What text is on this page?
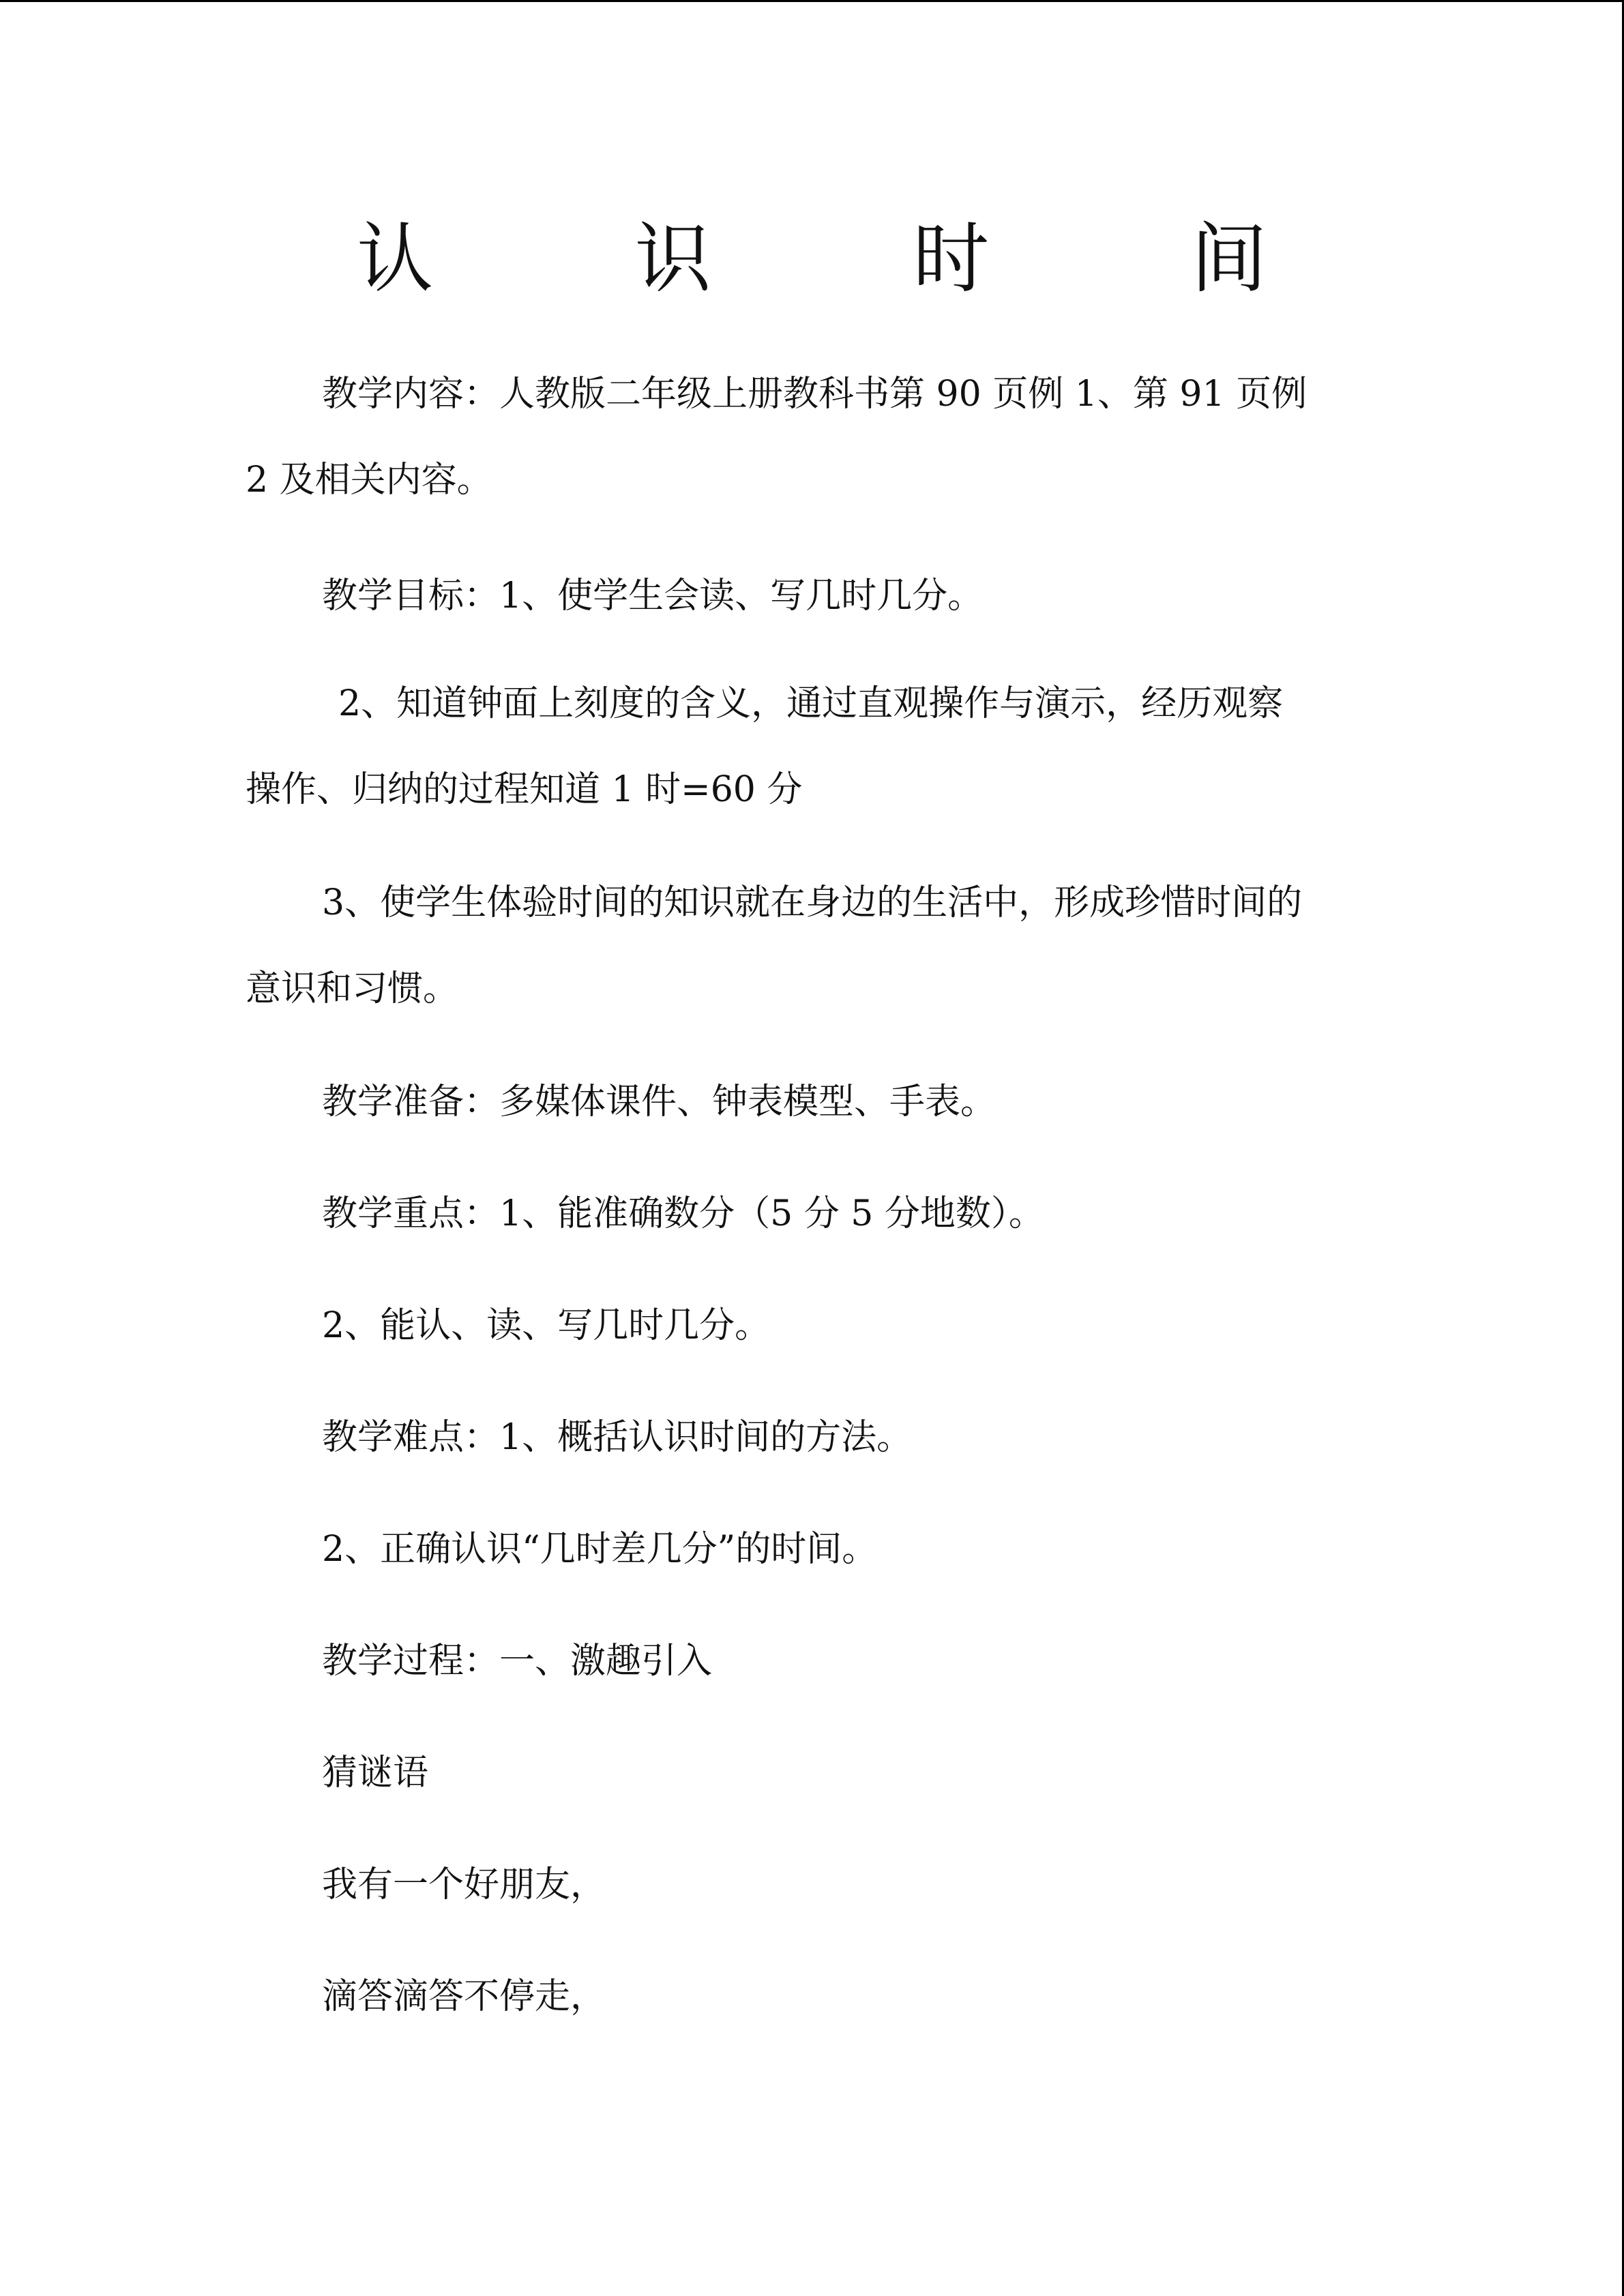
认 识 时 间
教学内容：人教版二年级上册教科书第 90 页例 1、第 91 页例
2 及相关内容。
教学目标：1、使学生会读、写几时几分。
2、知道钟面上刻度的含义，通过直观操作与演示，经历观察
操作、归纳的过程知道 1 时=60 分
3、使学生体验时间的知识就在身边的生活中，形成珍惜时间的
意识和习惯。
教学准备：多媒体课件、钟表模型、手表。
教学重点：1、能准确数分（5 分 5 分地数）。
2、能认、读、写几时几分。
教学难点：1、概括认识时间的方法。
2、正确认识“几时差几分”的时间。
教学过程：一、激趣引入
猜谜语
我有一个好朋友，
滴答滴答不停走，
